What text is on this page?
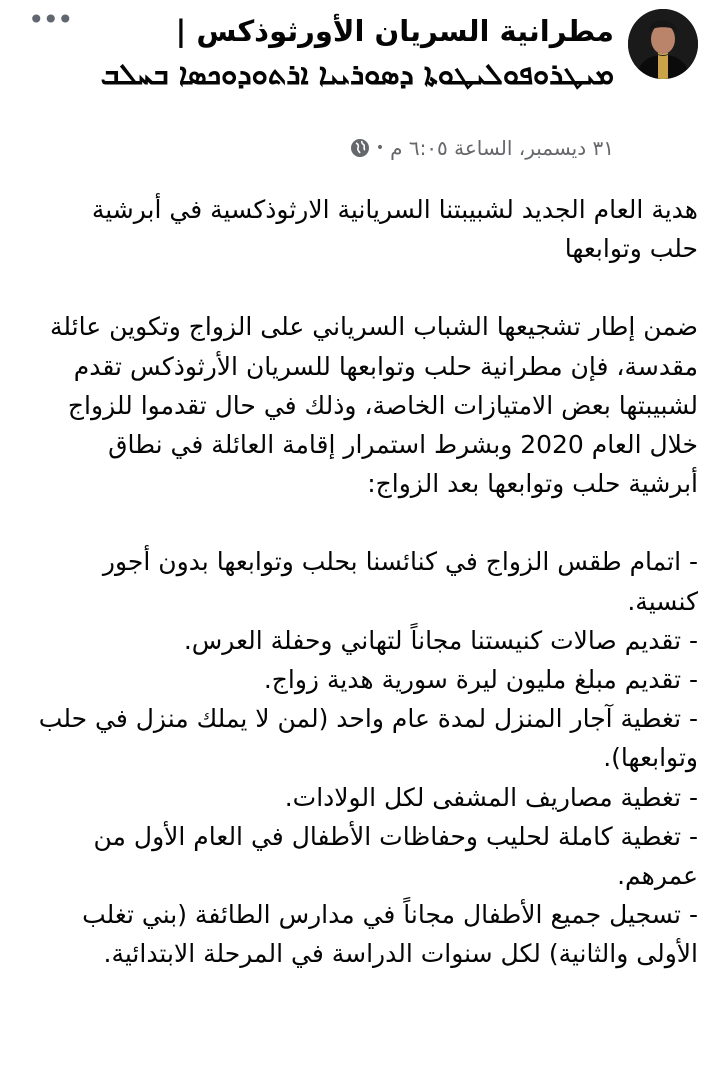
•••	مطرانية السريان الأورثوذكس |
ܡܝܛܪܘܦܘܠܝܛܘܬܐ ܕܣܘܪܝܝܐ ܐܪܬܘܕܘܟܣܐ ܒܚܠܒ
٣١ ديسمبر، الساعة ٦:٠٥ م
•

هدية العام الجديد لشبيبتنا السريانية الارثوذكسية في أبرشية

حلب وتوابعها

ضمن إطار تشجيعها الشباب السرياني على الزواج وتكوين عائلة

مقدسة، فإن مطرانية حلب وتوابعها للسريان الأرثوذكس تقدم

لشبيبتها بعض الامتيازات الخاصة، وذلك في حال تقدموا للزواج

خلال العام 2020 وبشرط استمرار إقامة العائلة في نطاق

أبرشية حلب وتوابعها بعد الزواج:

- اتمام طقس الزواج في كنائسنا بحلب وتوابعها بدون أجور

كنسية.

- تقديم صالات كنيستنا مجاناً لتهاني وحفلة العرس.

- تقديم مبلغ مليون ليرة سورية هدية زواج.

- تغطية آجار المنزل لمدة عام واحد (لمن لا يملك منزل في حلب

وتوابعها).

- تغطية مصاريف المشفى لكل الولادات.

- تغطية كاملة لحليب وحفاظات الأطفال في العام الأول من

عمرهم.

- تسجيل جميع الأطفال مجاناً في مدارس الطائفة (بني تغلب

الأولى والثانية) لكل سنوات الدراسة في المرحلة الابتدائية.
